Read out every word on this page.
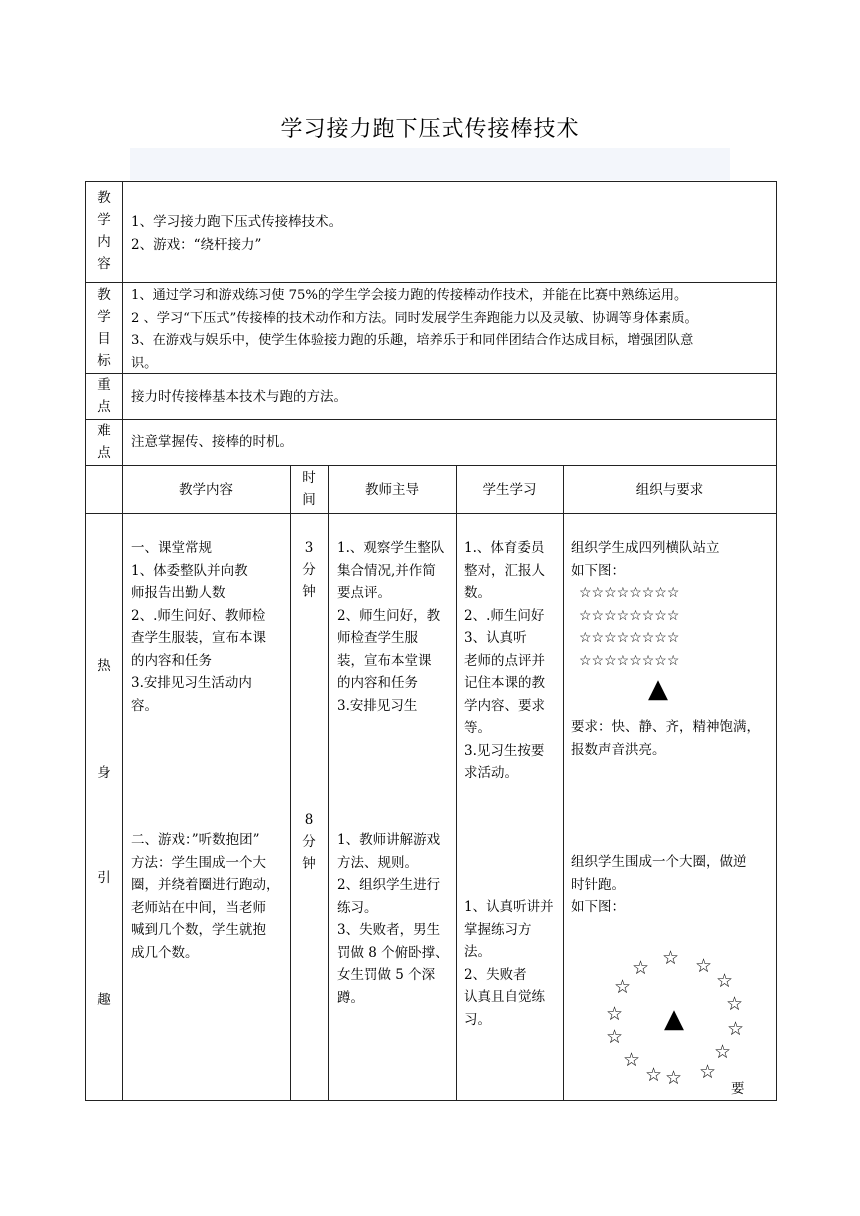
学习接力跑下压式传接棒技术
教
学
内
容
1、学习接力跑下压式传接棒技术。
2、游戏：“绕杆接力”
教
学
目
标
1、通过学习和游戏练习使 75%的学生学会接力跑的传接棒动作技术，并能在比赛中熟练运用。
2 、学习“下压式”传接棒的技术动作和方法。同时发展学生奔跑能力以及灵敏、协调等身体素质。
3、在游戏与娱乐中，使学生体验接力跑的乐趣，培养乐于和同伴团结合作达成目标，增强团队意
识。
重
点
接力时传接棒基本技术与跑的方法。
难
点
注意掌握传、接棒的时机。
教学内容
时
间
教师主导	学生学习	组织与要求
热
身
引
趣
一、课堂常规
1、体委整队并向教
师报告出勤人数
2、.师生问好、教师检
查学生服装，宣布本课
的内容和任务
3.安排见习生活动内
容。
3
分
钟
1.、观察学生整队
集合情况,并作简
要点评。
2、师生问好，教
师检查学生服
装，宣布本堂课
的内容和任务
3.安排见习生
1.、体育委员
整对，汇报人
数。
2、.师生问好
3、认真听
老师的点评并
记住本课的教
学内容、要求
等。
3.见习生按要
求活动。
组织学生成四列横队站立
如下图：
☆☆☆☆☆☆☆☆
☆☆☆☆☆☆☆☆
☆☆☆☆☆☆☆☆
☆☆☆☆☆☆☆☆
▲
要求：快、静、齐，精神饱满，
报数声音洪亮。
二、游戏：”听数抱团”
方法：学生围成一个大
圈，并绕着圈进行跑动，
老师站在中间，当老师
喊到几个数，学生就抱
成几个数。
8
分
钟
1、教师讲解游戏
方法、规则。
2、组织学生进行
练习。
3、失败者，男生
罚做 8 个俯卧撑、
女生罚做 5 个深
蹲。
1、认真听讲并
掌握练习方
法。
2、失败者
认真且自觉练
习。
组织学生围成一个大圈，做逆
时针跑。
如下图：
☆ ☆
☆
☆
☆
☆
☆
☆
☆
☆
☆
☆
☆
☆
▲
要
